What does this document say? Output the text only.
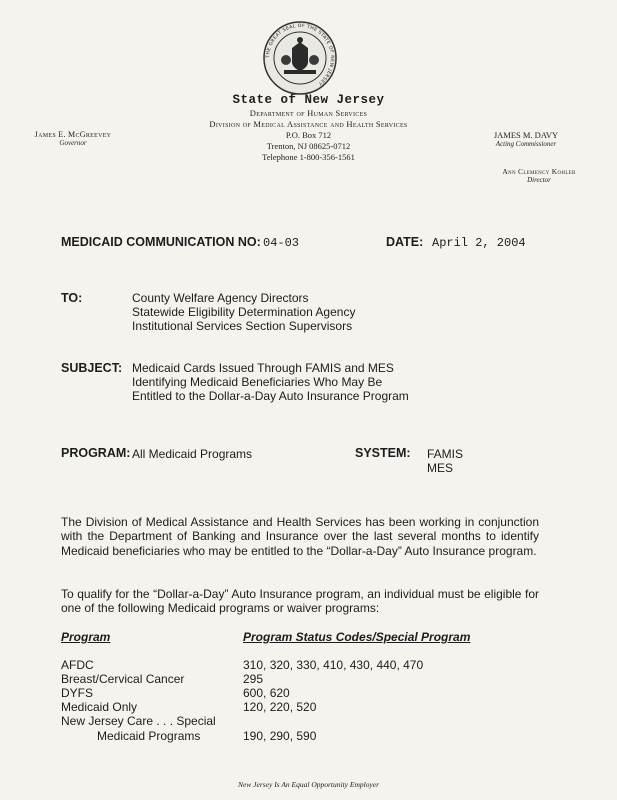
THE GREAT SEAL OF THE STATE OF NEW JERSEY
State of New Jersey
Department of Human Services
Division of Medical Assistance and Health Services
P.O. Box 712
Trenton, NJ 08625-0712
Telephone 1-800-356-1561
James E. McGreevey
Governor
JAMES M. DAVY
Acting Commissioner
Ann Clemency Kohler
Director
MEDICAID COMMUNICATION NO: 04-03	DATE: April 2, 2004
TO:	County Welfare Agency Directors
Statewide Eligibility Determination Agency
Institutional Services Section Supervisors
SUBJECT: Medicaid Cards Issued Through FAMIS and MES
Identifying Medicaid Beneficiaries Who May Be
Entitled to the Dollar-a-Day Auto Insurance Program
PROGRAM: All Medicaid Programs	SYSTEM: FAMIS
MES
The Division of Medical Assistance and Health Services has been working in conjunction with the Department of Banking and Insurance over the last several months to identify Medicaid beneficiaries who may be entitled to the “Dollar-a-Day” Auto Insurance program.
To qualify for the “Dollar-a-Day” Auto Insurance program, an individual must be eligible for one of the following Medicaid programs or waiver programs:
Program	Program Status Codes/Special Program
AFDC	310, 320, 330, 410, 430, 440, 470
Breast/Cervical Cancer	295
DYFS	600, 620
Medicaid Only	120, 220, 520
New Jersey Care . . . Special
Medicaid Programs	190, 290, 590
New Jersey Is An Equal Opportunity Employer
